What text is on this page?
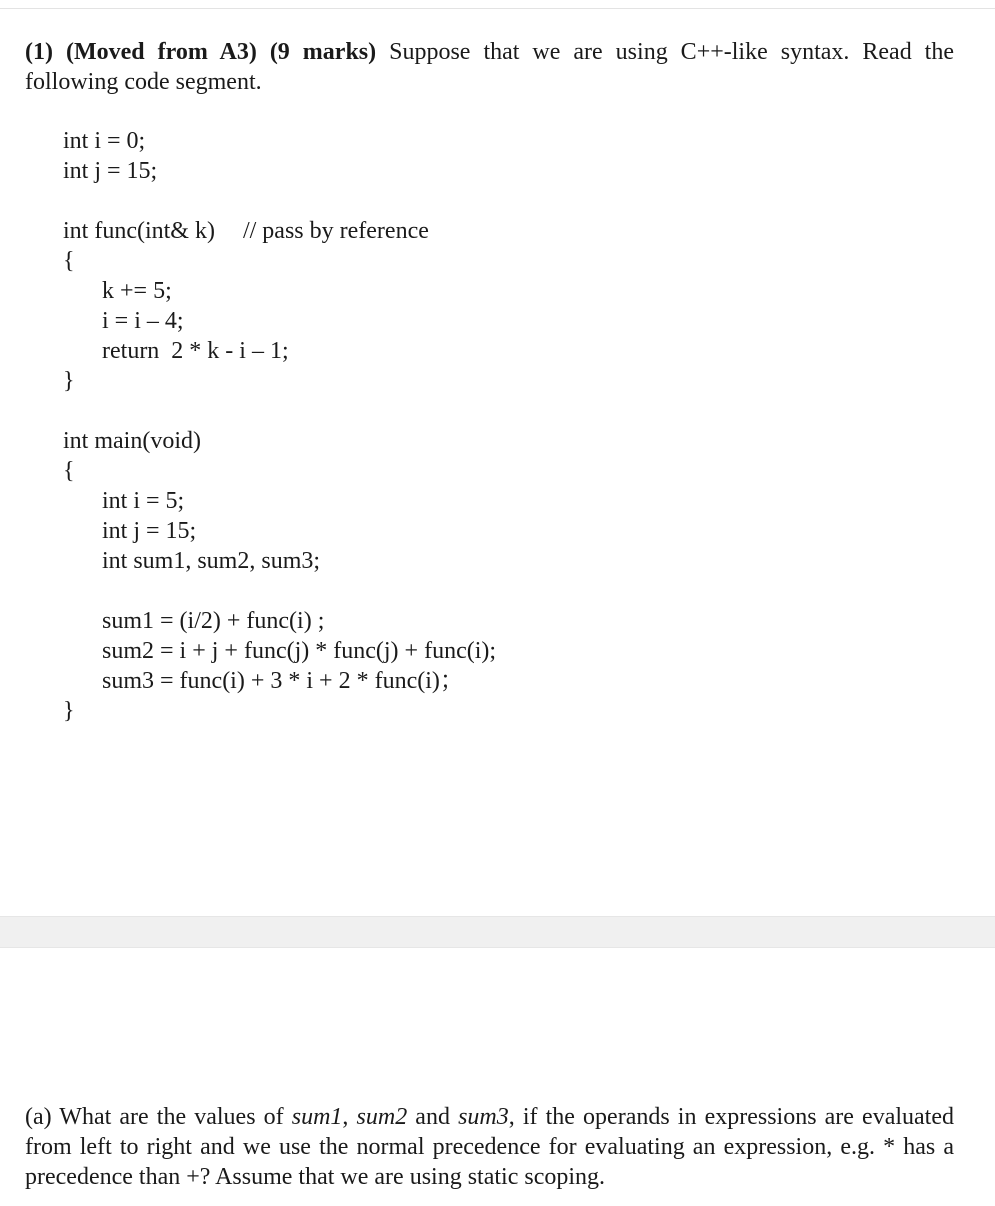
(1) (Moved from A3) (9 marks) Suppose that we are using C++-like syntax. Read the following code segment.
int i = 0;
int j = 15;
int func(int& k) // pass by reference
{
k += 5;
i = i – 4;
return  2 * k - i – 1;
}
int main(void)
{
int i = 5;
int j = 15;
int sum1, sum2, sum3;
sum1 = (i/2) + func(i) ;
sum2 = i + j + func(j) * func(j) + func(i);
sum3 = func(i) + 3 * i + 2 * func(i)；
}
(a) What are the values of sum1, sum2 and sum3, if the operands in expressions are evaluated from left to right and we use the normal precedence for evaluating an expression, e.g. * has a precedence than +? Assume that we are using static scoping.
